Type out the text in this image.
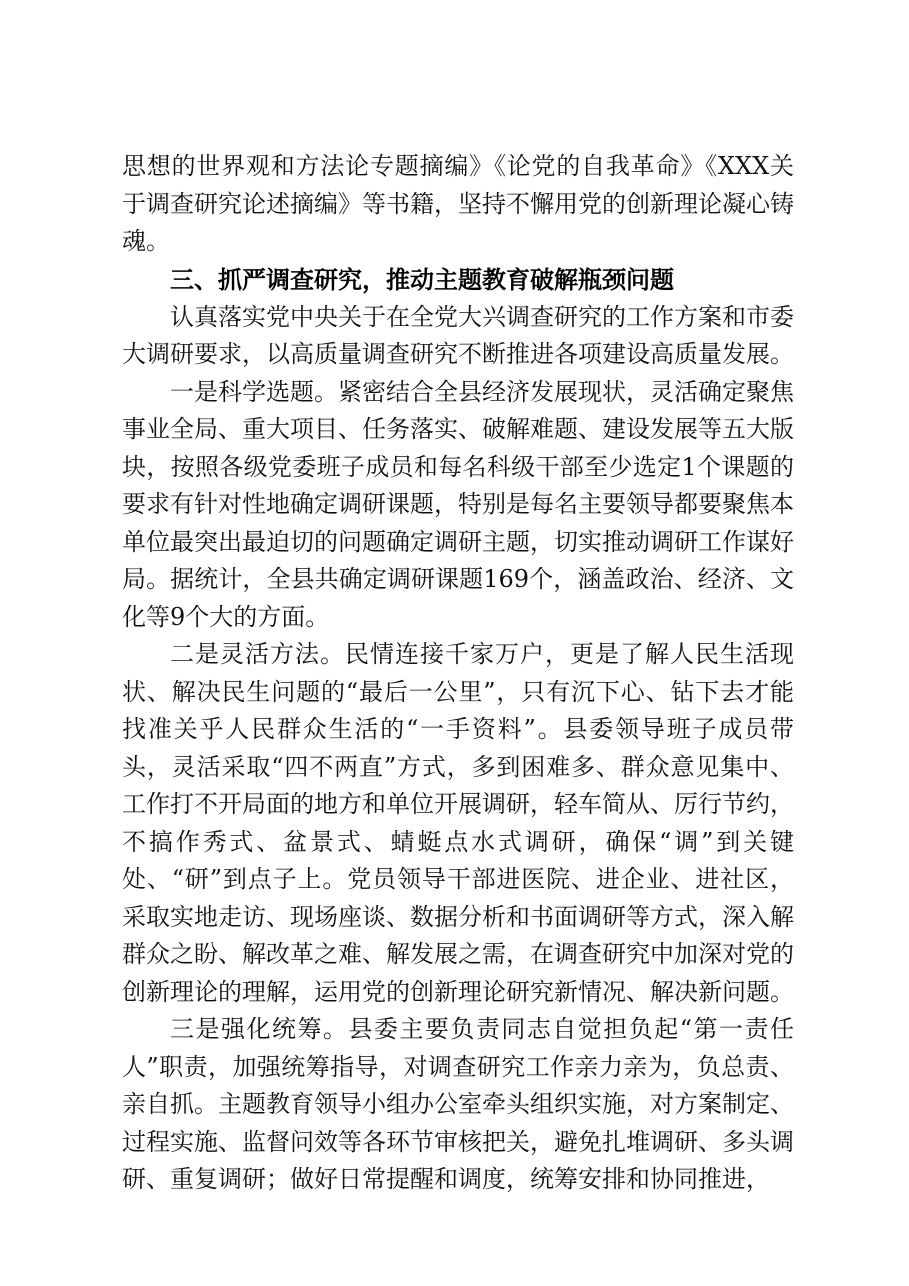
思想的世界观和方法论专题摘编》《论党的自我革命》《XXX关于调查研究论述摘编》等书籍，坚持不懈用党的创新理论凝心铸魂。

三、抓严调查研究，推动主题教育破解瓶颈问题

认真落实党中央关于在全党大兴调查研究的工作方案和市委大调研要求，以高质量调查研究不断推进各项建设高质量发展。

一是科学选题。紧密结合全县经济发展现状，灵活确定聚焦事业全局、重大项目、任务落实、破解难题、建设发展等五大版块，按照各级党委班子成员和每名科级干部至少选定1个课题的要求有针对性地确定调研课题，特别是每名主要领导都要聚焦本单位最突出最迫切的问题确定调研主题，切实推动调研工作谋好局。据统计，全县共确定调研课题169个，涵盖政治、经济、文化等9个大的方面。

二是灵活方法。民情连接千家万户，更是了解人民生活现状、解决民生问题的“最后一公里”，只有沉下心、钻下去才能找准关乎人民群众生活的“一手资料”。县委领导班子成员带头，灵活采取“四不两直”方式，多到困难多、群众意见集中、工作打不开局面的地方和单位开展调研，轻车简从、厉行节约，不搞作秀式、盆景式、蜻蜓点水式调研，确保“调”到关键处、“研”到点子上。党员领导干部进医院、进企业、进社区，采取实地走访、现场座谈、数据分析和书面调研等方式，深入解群众之盼、解改革之难、解发展之需，在调查研究中加深对党的创新理论的理解，运用党的创新理论研究新情况、解决新问题。

三是强化统筹。县委主要负责同志自觉担负起“第一责任人”职责，加强统筹指导，对调查研究工作亲力亲为，负总责、亲自抓。主题教育领导小组办公室牵头组织实施，对方案制定、过程实施、监督问效等各环节审核把关，避免扎堆调研、多头调研、重复调研；做好日常提醒和调度，统筹安排和协同推进，
